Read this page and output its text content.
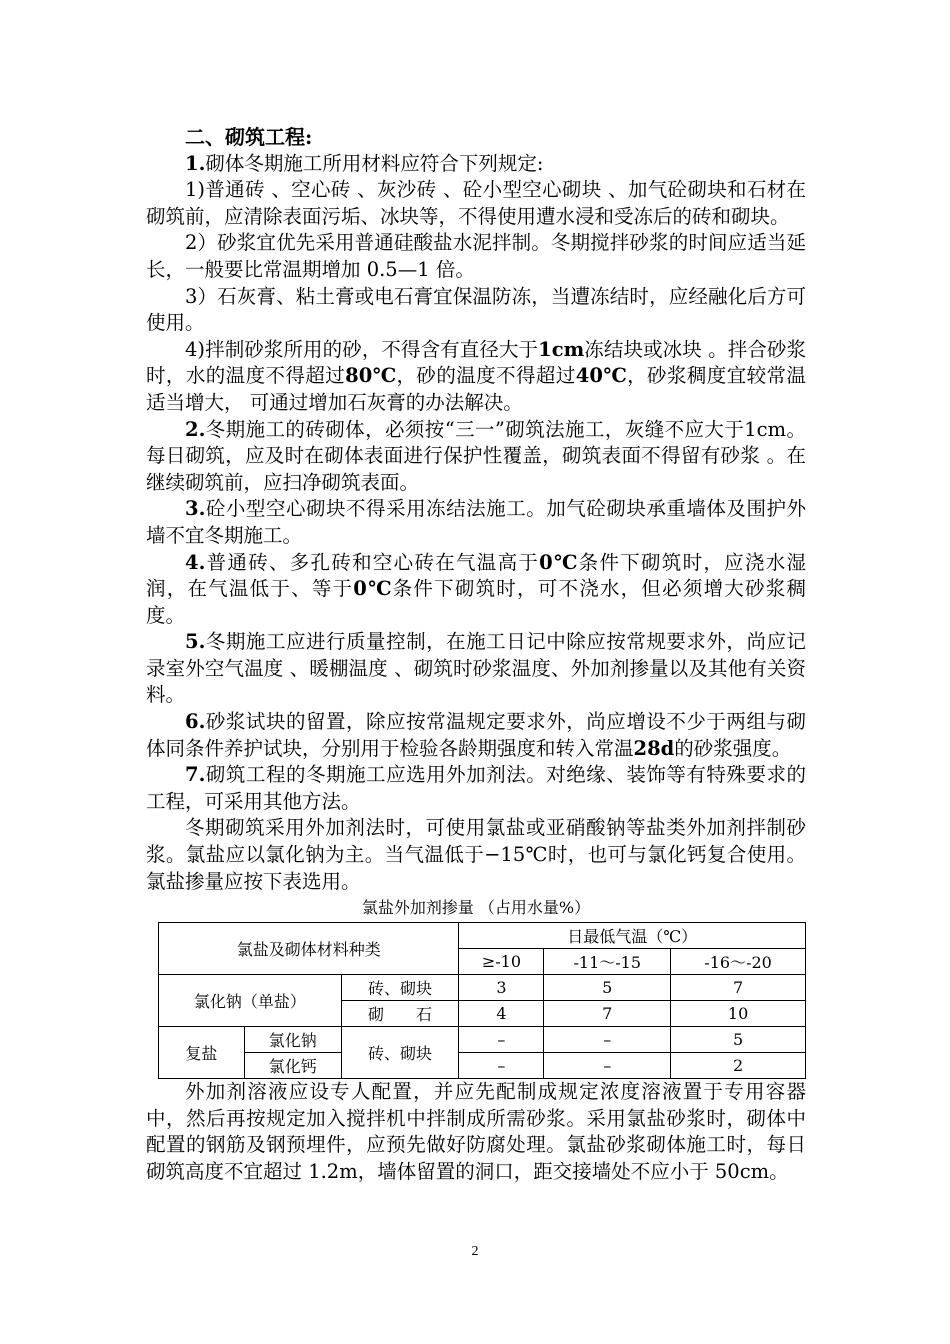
二、砌筑工程:

1.砌体冬期施工所用材料应符合下列规定:

1)普通砖 、空心砖 、灰沙砖 、砼小型空心砌块 、加气砼砌块和石材在砌筑前，应清除表面污垢、冰块等，不得使用遭水浸和受冻后的砖和砌块。

2）砂浆宜优先采用普通硅酸盐水泥拌制。冬期搅拌砂浆的时间应适当延长，一般要比常温期增加 0.5—1 倍。

3）石灰膏、粘土膏或电石膏宜保温防冻，当遭冻结时，应经融化后方可使用。

4)拌制砂浆所用的砂，不得含有直径大于1cm冻结块或冰块 。拌合砂浆时，水的温度不得超过80℃，砂的温度不得超过40℃，砂浆稠度宜较常温适当增大， 可通过增加石灰膏的办法解决。

2.冬期施工的砖砌体，必须按“三一”砌筑法施工，灰缝不应大于1cm。每日砌筑，应及时在砌体表面进行保护性覆盖，砌筑表面不得留有砂浆 。在继续砌筑前，应扫净砌筑表面。

3.砼小型空心砌块不得采用冻结法施工。加气砼砌块承重墙体及围护外墙不宜冬期施工。

4.普通砖、多孔砖和空心砖在气温高于0℃条件下砌筑时，应浇水湿润，在气温低于、等于0℃条件下砌筑时，可不浇水，但必须增大砂浆稠度。

5.冬期施工应进行质量控制，在施工日记中除应按常规要求外，尚应记录室外空气温度 、暖棚温度 、砌筑时砂浆温度、外加剂掺量以及其他有关资料。

6.砂浆试块的留置，除应按常温规定要求外，尚应增设不少于两组与砌体同条件养护试块，分别用于检验各龄期强度和转入常温28d的砂浆强度。

7.砌筑工程的冬期施工应选用外加剂法。对绝缘、装饰等有特殊要求的工程，可采用其他方法。

冬期砌筑采用外加剂法时，可使用氯盐或亚硝酸钠等盐类外加剂拌制砂浆。氯盐应以氯化钠为主。当气温低于−15℃时，也可与氯化钙复合使用。氯盐掺量应按下表选用。

氯盐外加剂掺量 （占用水量%）
氯盐及砌体材料种类			日最低气温（℃）		
			≥-10	-11～-15	-16～-20
氯化钠（单盐）		砖、砌块	3	5	7
		砌　　石	4	7	10
复盐	氯化钠	砖、砌块	–	–	5
	氯化钙		–	–	2

外加剂溶液应设专人配置，并应先配制成规定浓度溶液置于专用容器中，然后再按规定加入搅拌机中拌制成所需砂浆。采用氯盐砂浆时，砌体中配置的钢筋及钢预埋件，应预先做好防腐处理。氯盐砂浆砌体施工时，每日砌筑高度不宜超过 1.2m，墙体留置的洞口，距交接墙处不应小于 50cm。

2
